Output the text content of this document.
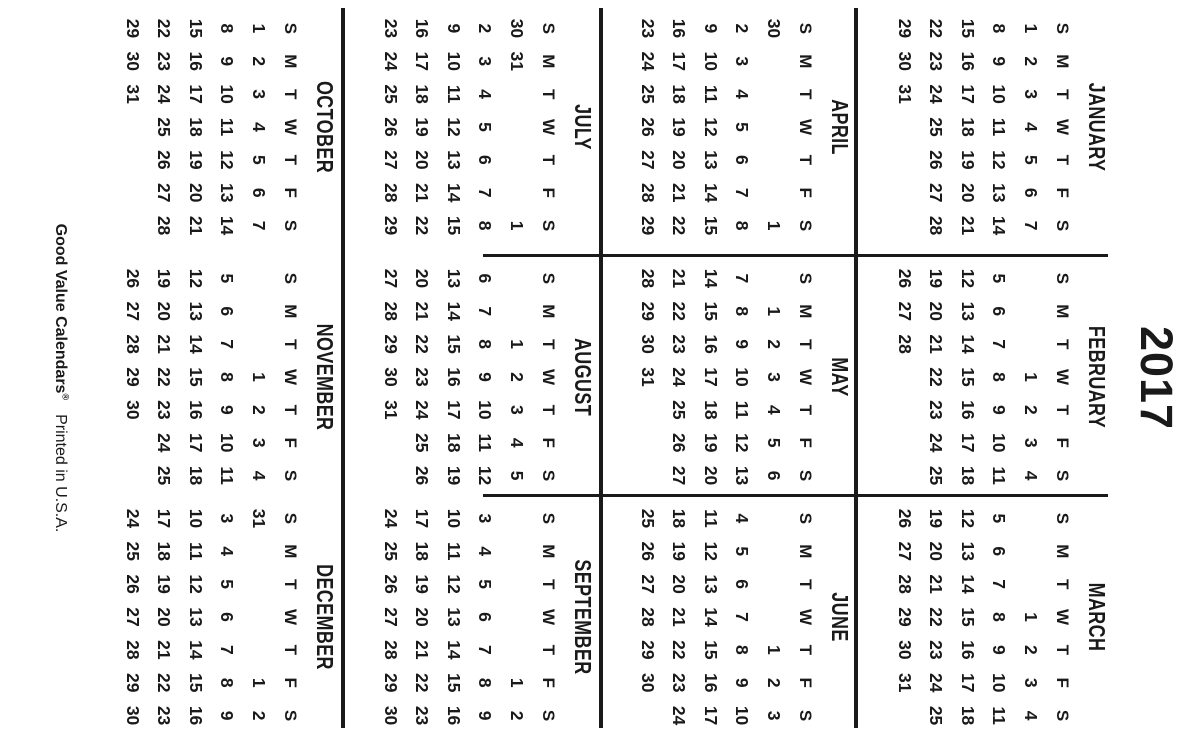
2017
JANUARY
S
M
T
W
T
F
S
1
2
3
4
5
6
7
8
9
10
11
12
13
14
15
16
17
18
19
20
21
22
23
24
25
26
27
28
29
30
31
FEBRUARY
S
M
T
W
T
F
S
1
2
3
4
5
6
7
8
9
10
11
12
13
14
15
16
17
18
19
20
21
22
23
24
25
26
27
28
MARCH
S
M
T
W
T
F
S
1
2
3
4
5
6
7
8
9
10
11
12
13
14
15
16
17
18
19
20
21
22
23
24
25
26
27
28
29
30
31
APRIL
S
M
T
W
T
F
S
30
1
2
3
4
5
6
7
8
9
10
11
12
13
14
15
16
17
18
19
20
21
22
23
24
25
26
27
28
29
MAY
S
M
T
W
T
F
S
1
2
3
4
5
6
7
8
9
10
11
12
13
14
15
16
17
18
19
20
21
22
23
24
25
26
27
28
29
30
31
JUNE
S
M
T
W
T
F
S
1
2
3
4
5
6
7
8
9
10
11
12
13
14
15
16
17
18
19
20
21
22
23
24
25
26
27
28
29
30
JULY
S
M
T
W
T
F
S
30
31
1
2
3
4
5
6
7
8
9
10
11
12
13
14
15
16
17
18
19
20
21
22
23
24
25
26
27
28
29
AUGUST
S
M
T
W
T
F
S
1
2
3
4
5
6
7
8
9
10
11
12
13
14
15
16
17
18
19
20
21
22
23
24
25
26
27
28
29
30
31
SEPTEMBER
S
M
T
W
T
F
S
1
2
3
4
5
6
7
8
9
10
11
12
13
14
15
16
17
18
19
20
21
22
23
24
25
26
27
28
29
30
OCTOBER
S
M
T
W
T
F
S
1
2
3
4
5
6
7
8
9
10
11
12
13
14
15
16
17
18
19
20
21
22
23
24
25
26
27
28
29
30
31
NOVEMBER
S
M
T
W
T
F
S
1
2
3
4
5
6
7
8
9
10
11
12
13
14
15
16
17
18
19
20
21
22
23
24
25
26
27
28
29
30
DECEMBER
S
M
T
W
T
F
S
31
1
2
3
4
5
6
7
8
9
10
11
12
13
14
15
16
17
18
19
20
21
22
23
24
25
26
27
28
29
30
Good Value Calendars®Printed in U.S.A.
